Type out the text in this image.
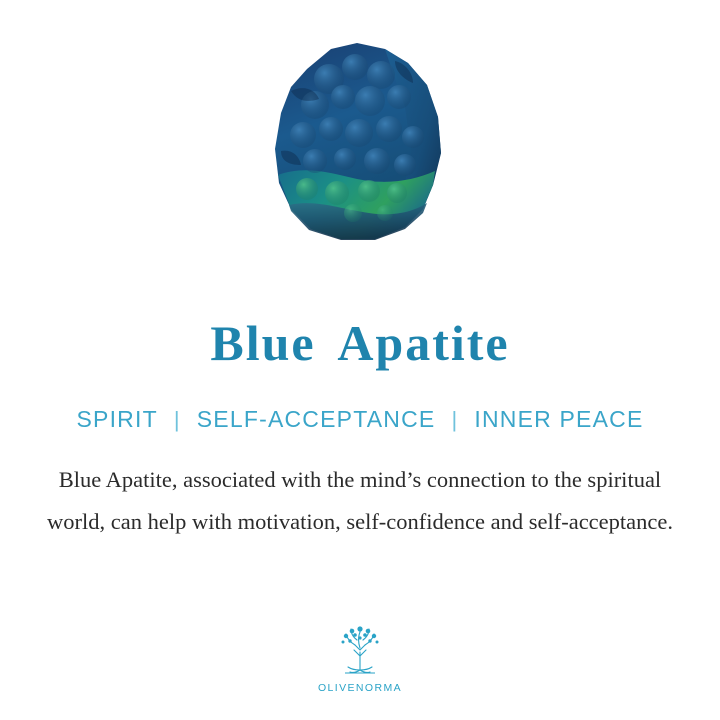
Blue Apatite
SPIRIT | SELF-ACCEPTANCE | INNER PEACE

Blue Apatite, associated with the mind’s connection to the spiritual world, can help with motivation, self-confidence and self-acceptance.

OLIVENORMA
